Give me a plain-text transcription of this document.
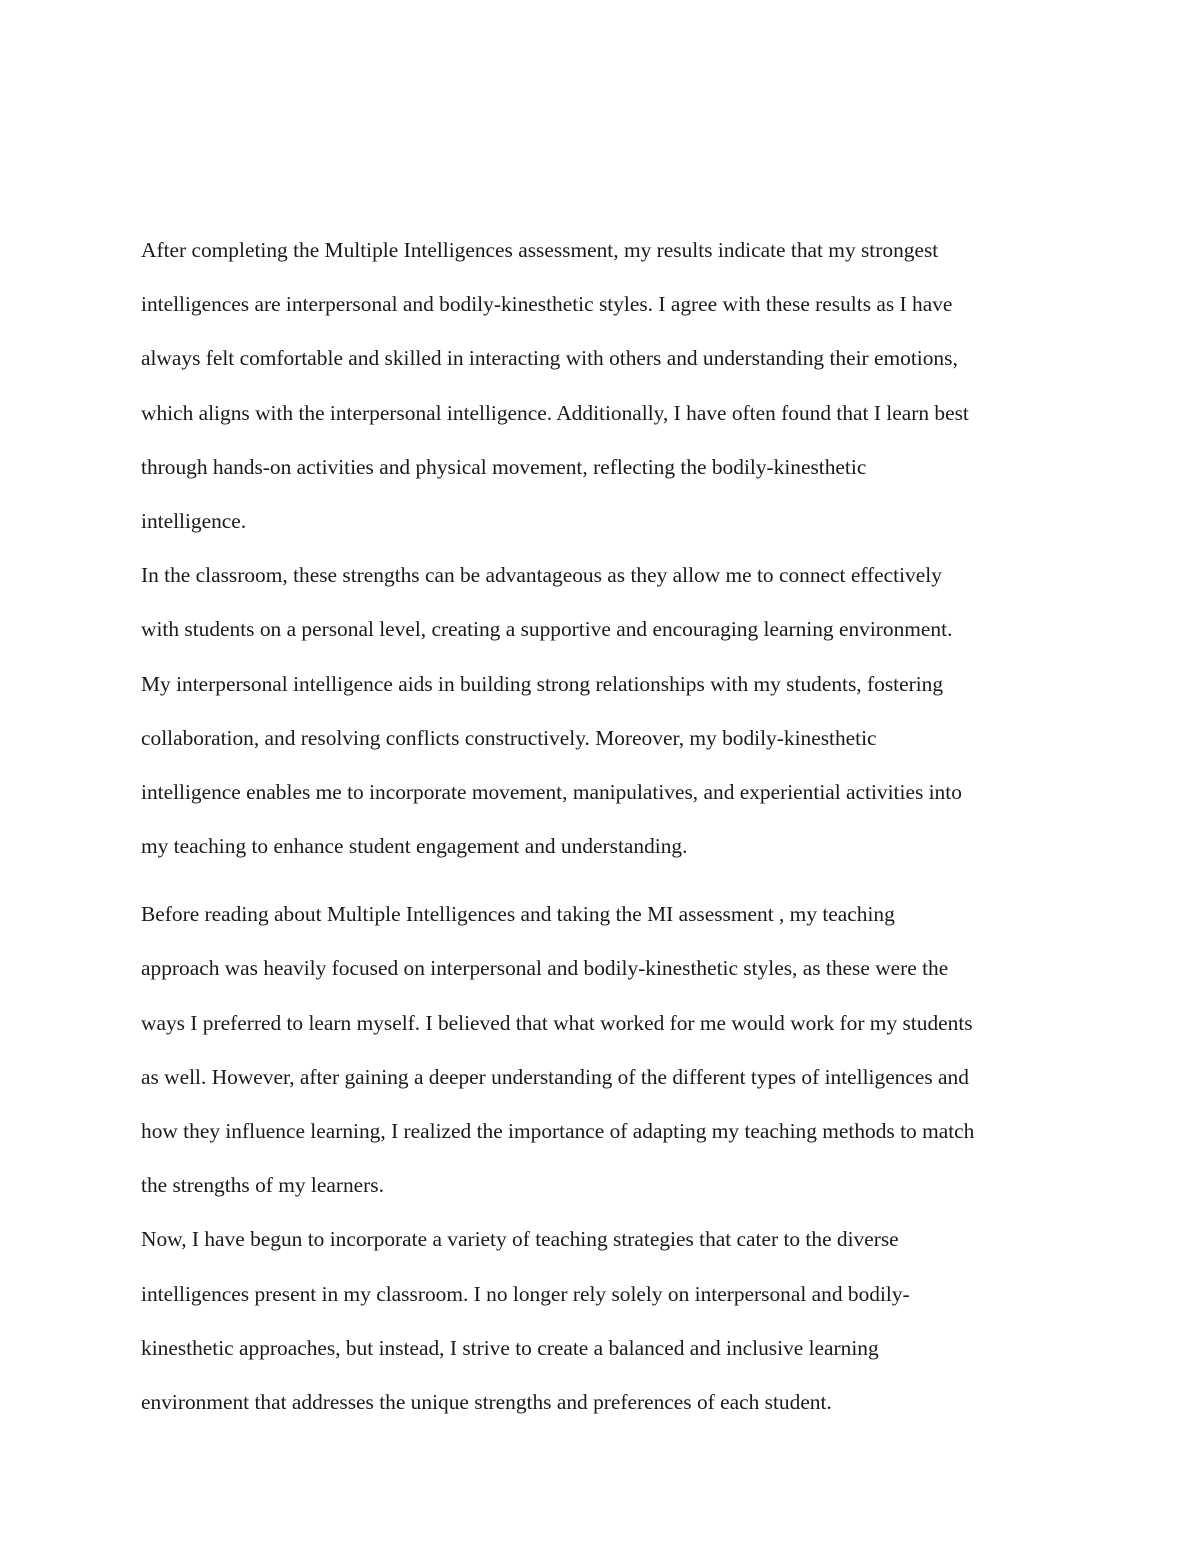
After completing the Multiple Intelligences assessment, my results indicate that my strongest
intelligences are interpersonal and bodily-kinesthetic styles. I agree with these results as I have
always felt comfortable and skilled in interacting with others and understanding their emotions,
which aligns with the interpersonal intelligence. Additionally, I have often found that I learn best
through hands-on activities and physical movement, reflecting the bodily-kinesthetic
intelligence.
In the classroom, these strengths can be advantageous as they allow me to connect effectively
with students on a personal level, creating a supportive and encouraging learning environment.
My interpersonal intelligence aids in building strong relationships with my students, fostering
collaboration, and resolving conflicts constructively. Moreover, my bodily-kinesthetic
intelligence enables me to incorporate movement, manipulatives, and experiential activities into
my teaching to enhance student engagement and understanding.
Before reading about Multiple Intelligences and taking the MI assessment , my teaching
approach was heavily focused on interpersonal and bodily-kinesthetic styles, as these were the
ways I preferred to learn myself. I believed that what worked for me would work for my students
as well. However, after gaining a deeper understanding of the different types of intelligences and
how they influence learning, I realized the importance of adapting my teaching methods to match
the strengths of my learners.
Now, I have begun to incorporate a variety of teaching strategies that cater to the diverse
intelligences present in my classroom. I no longer rely solely on interpersonal and bodily-
kinesthetic approaches, but instead, I strive to create a balanced and inclusive learning
environment that addresses the unique strengths and preferences of each student.
